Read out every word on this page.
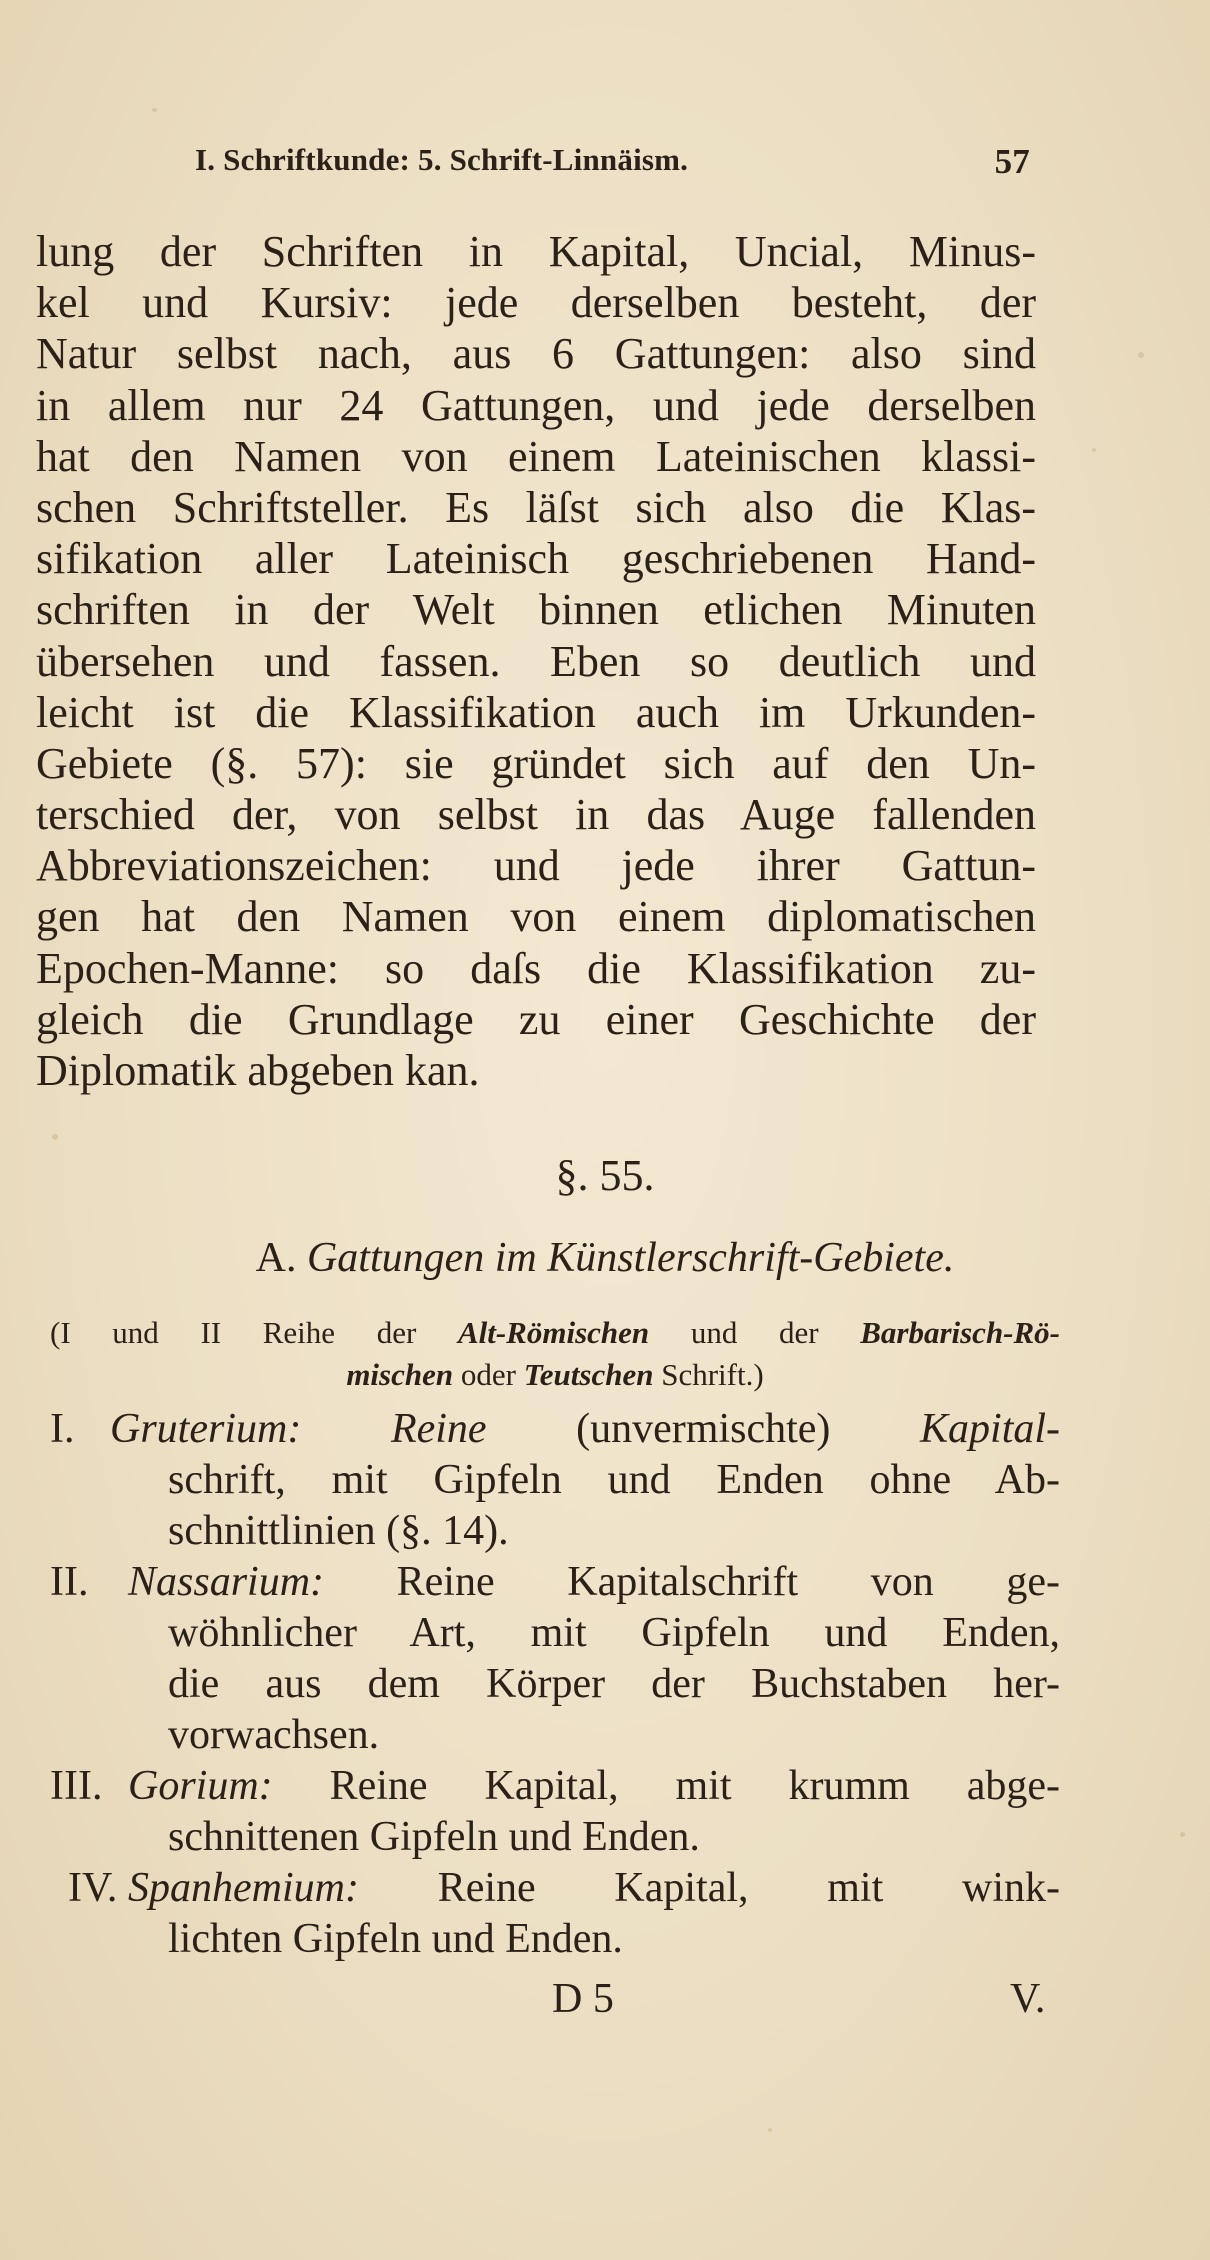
I. Schriftkunde: 5. Schrift-Linnäism.	57
lung der Schriften in Kapital, Uncial, Minus-
kel und Kursiv: jede derselben besteht, der
Natur selbst nach, aus 6 Gattungen: also sind
in allem nur 24 Gattungen, und jede derselben
hat den Namen von einem Lateinischen klassi-
schen Schriftsteller. Es läſst sich also die Klas-
sifikation aller Lateinisch geschriebenen Hand-
schriften in der Welt binnen etlichen Minuten
übersehen und fassen. Eben so deutlich und
leicht ist die Klassifikation auch im Urkunden-
Gebiete (§. 57): sie gründet sich auf den Un-
terschied der, von selbst in das Auge fallenden
Abbreviationszeichen: und jede ihrer Gattun-
gen hat den Namen von einem diplomatischen
Epochen-Manne: so daſs die Klassifikation zu-
gleich die Grundlage zu einer Geschichte der
Diplomatik abgeben kan.
§. 55.
A. Gattungen im Künstlerschrift-Gebiete.
(I und II Reihe der Alt-Römischen und der Barbarisch-Rö-
mischen oder Teutschen Schrift.)
I. Gruterium: Reine (unvermischte) Kapital-
schrift, mit Gipfeln und Enden ohne Ab-
schnittlinien (§. 14).
II. Nassarium: Reine Kapitalschrift von ge-
wöhnlicher Art, mit Gipfeln und Enden,
die aus dem Körper der Buchstaben her-
vorwachsen.
III. Gorium: Reine Kapital, mit krumm abge-
schnittenen Gipfeln und Enden.
IV. Spanhemium: Reine Kapital, mit wink-
lichten Gipfeln und Enden.
D 5	V.
